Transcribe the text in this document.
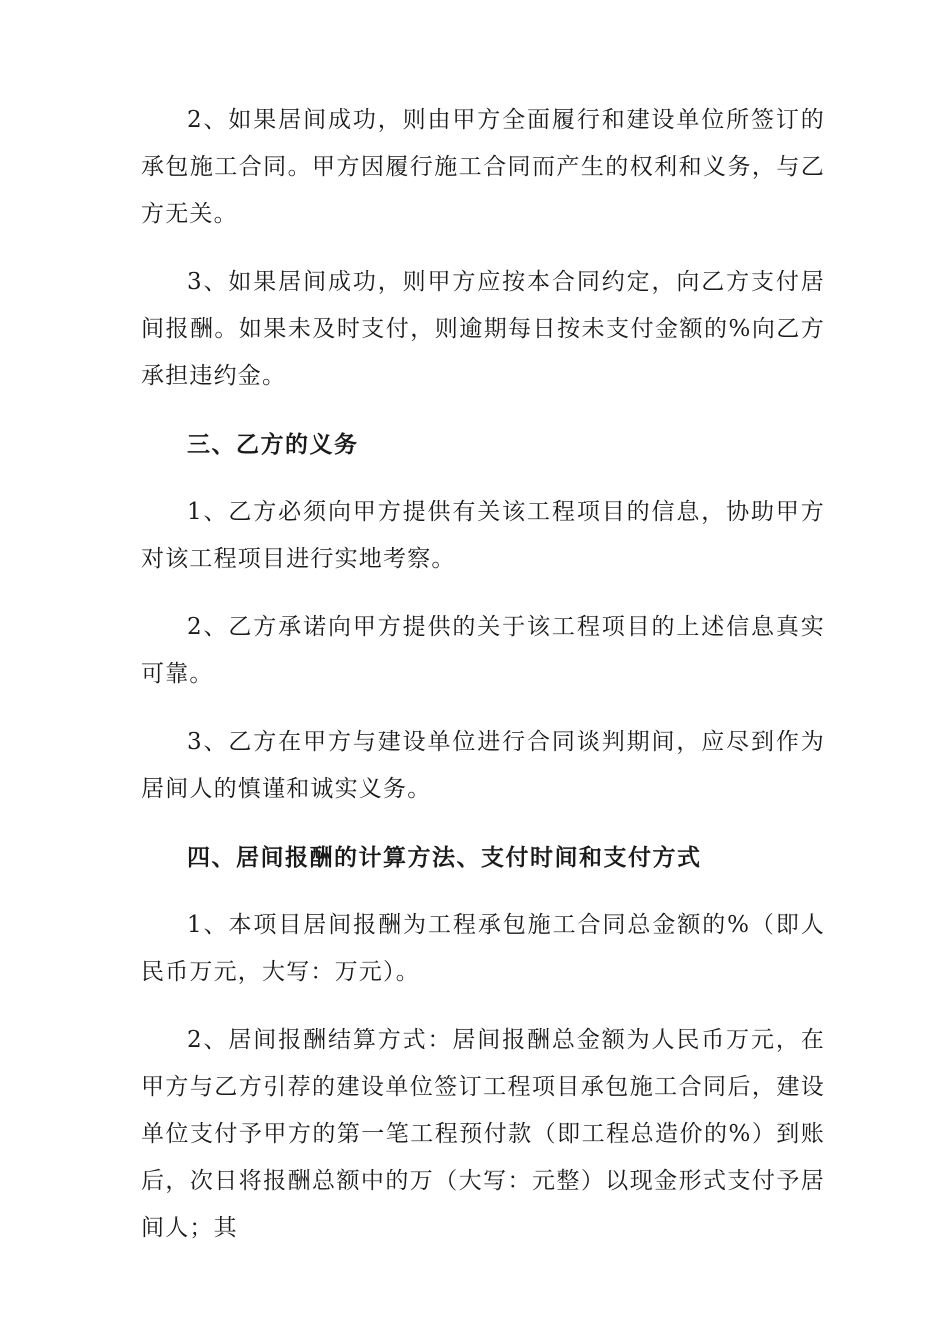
2、如果居间成功，则由甲方全面履行和建设单位所签订的承包施工合同。甲方因履行施工合同而产生的权利和义务，与乙方无关。

3、如果居间成功，则甲方应按本合同约定，向乙方支付居间报酬。如果未及时支付，则逾期每日按未支付金额的%向乙方承担违约金。

三、乙方的义务

1、乙方必须向甲方提供有关该工程项目的信息，协助甲方对该工程项目进行实地考察。

2、乙方承诺向甲方提供的关于该工程项目的上述信息真实可靠。

3、乙方在甲方与建设单位进行合同谈判期间，应尽到作为居间人的慎谨和诚实义务。

四、居间报酬的计算方法、支付时间和支付方式

1、本项目居间报酬为工程承包施工合同总金额的%（即人民币万元，大写：万元）。

2、居间报酬结算方式：居间报酬总金额为人民币万元，在甲方与乙方引荐的建设单位签订工程项目承包施工合同后，建设单位支付予甲方的第一笔工程预付款（即工程总造价的%）到账后，次日将报酬总额中的万（大写：元整）以现金形式支付予居间人；其
